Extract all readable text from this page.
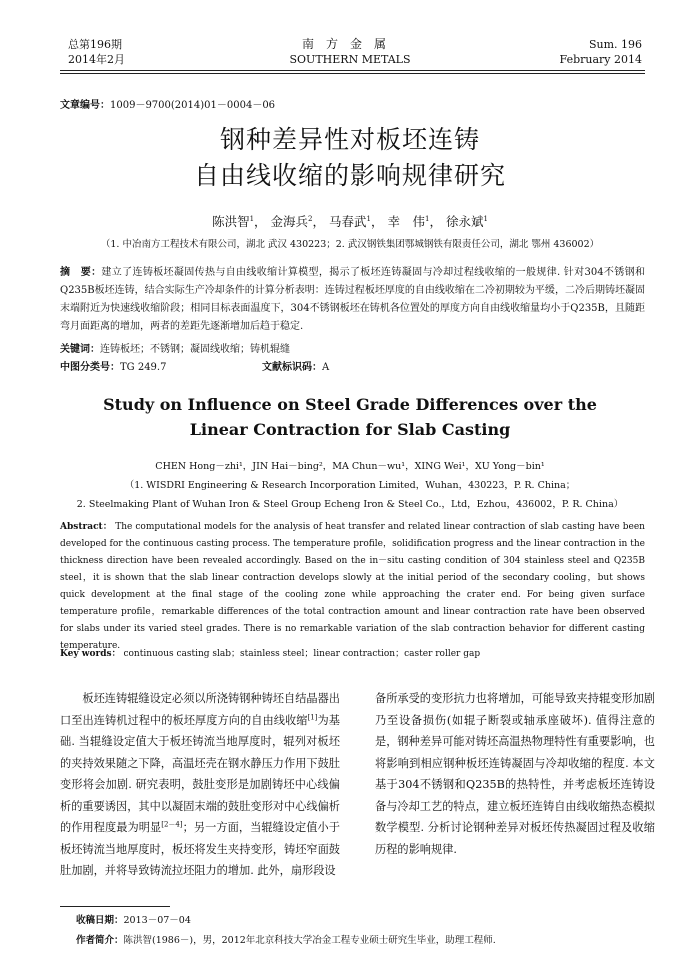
总第196期
2014年2月
南方金属
SOUTHERN METALS
Sum. 196
February 2014
文章编号：1009－9700(2014)01－0004－06
钢种差异性对板坯连铸
自由线收缩的影响规律研究
陈洪智$^1$， 金海兵$^2$， 马春武$^1$， 幸　伟$^1$， 徐永斌$^1$
（1. 中冶南方工程技术有限公司，湖北 武汉 430223；2. 武汉钢铁集团鄂城钢铁有限责任公司，湖北 鄂州 436002）
摘　要：建立了连铸板坯凝固传热与自由线收缩计算模型，揭示了板坯连铸凝固与冷却过程线收缩的一般规律. 针对304不锈钢和Q235B板坯连铸，结合实际生产冷却条件的计算分析表明：连铸过程板坯厚度的自由线收缩在二冷初期较为平缓，二冷后期铸坯凝固末端附近为快速线收缩阶段；相同目标表面温度下，304不锈钢板坯在铸机各位置处的厚度方向自由线收缩量均小于Q235B，且随距弯月面距离的增加，两者的差距先逐渐增加后趋于稳定.
关键词：连铸板坯；不锈钢；凝固线收缩；铸机辊缝
中图分类号：TG 249.7	文献标识码：A
Study on Influence on Steel Grade Differences over the
Linear Contraction for Slab Casting
CHEN Hong－zhi¹，JIN Hai－bing²，MA Chun－wu¹，XING Wei¹，XU Yong－bin¹
（1. WISDRI Engineering & Research Incorporation Limited，Wuhan，430223，P. R. China；
2. Steelmaking Plant of Wuhan Iron & Steel Group Echeng Iron & Steel Co.，Ltd，Ezhou，436002，P. R. China）
Abstract： The computational models for the analysis of heat transfer and related linear contraction of slab casting have been developed for the continuous casting process. The temperature profile，solidification progress and the linear contraction in the thickness direction have been revealed accordingly. Based on the in－situ casting condition of 304 stainless steel and Q235B steel，it is shown that the slab linear contraction develops slowly at the initial period of the secondary cooling，but shows quick development at the final stage of the cooling zone while approaching the crater end. For being given surface temperature profile，remarkable differences of the total contraction amount and linear contraction rate have been observed for slabs under its varied steel grades. There is no remarkable variation of the slab contraction behavior for different casting temperature.
Key words： continuous casting slab；stainless steel；linear contraction；caster roller gap
板坯连铸辊缝设定必须以所浇铸钢种铸坯自结晶器出口至出连铸机过程中的板坯厚度方向的自由线收缩[1]为基础. 当辊缝设定值大于板坯铸流当地厚度时，辊列对板坯的夹持效果随之下降，高温坯壳在钢水静压力作用下鼓肚变形将会加剧. 研究表明，鼓肚变形是加剧铸坯中心线偏析的重要诱因，其中以凝固末端的鼓肚变形对中心线偏析的作用程度最为明显[2－4]；另一方面，当辊缝设定值小于板坯铸流当地厚度时，板坯将发生夹持变形，铸坯窄面鼓肚加剧，并将导致铸流拉坯阻力的增加. 此外，扇形段设
备所承受的变形抗力也将增加，可能导致夹持辊变形加剧乃至设备损伤(如辊子断裂或轴承座破坏). 值得注意的是，钢种差异可能对铸坯高温热物理特性有重要影响，也将影响到相应钢种板坯连铸凝固与冷却收缩的程度. 本文基于304不锈钢和Q235B的热特性，并考虑板坯连铸设备与冷却工艺的特点，建立板坯连铸自由线收缩热态模拟数学模型. 分析讨论钢种差异对板坯传热凝固过程及收缩历程的影响规律.
收稿日期：2013－07－04
作者简介：陈洪智(1986－)，男，2012年北京科技大学冶金工程专业硕士研究生毕业，助理工程师.
